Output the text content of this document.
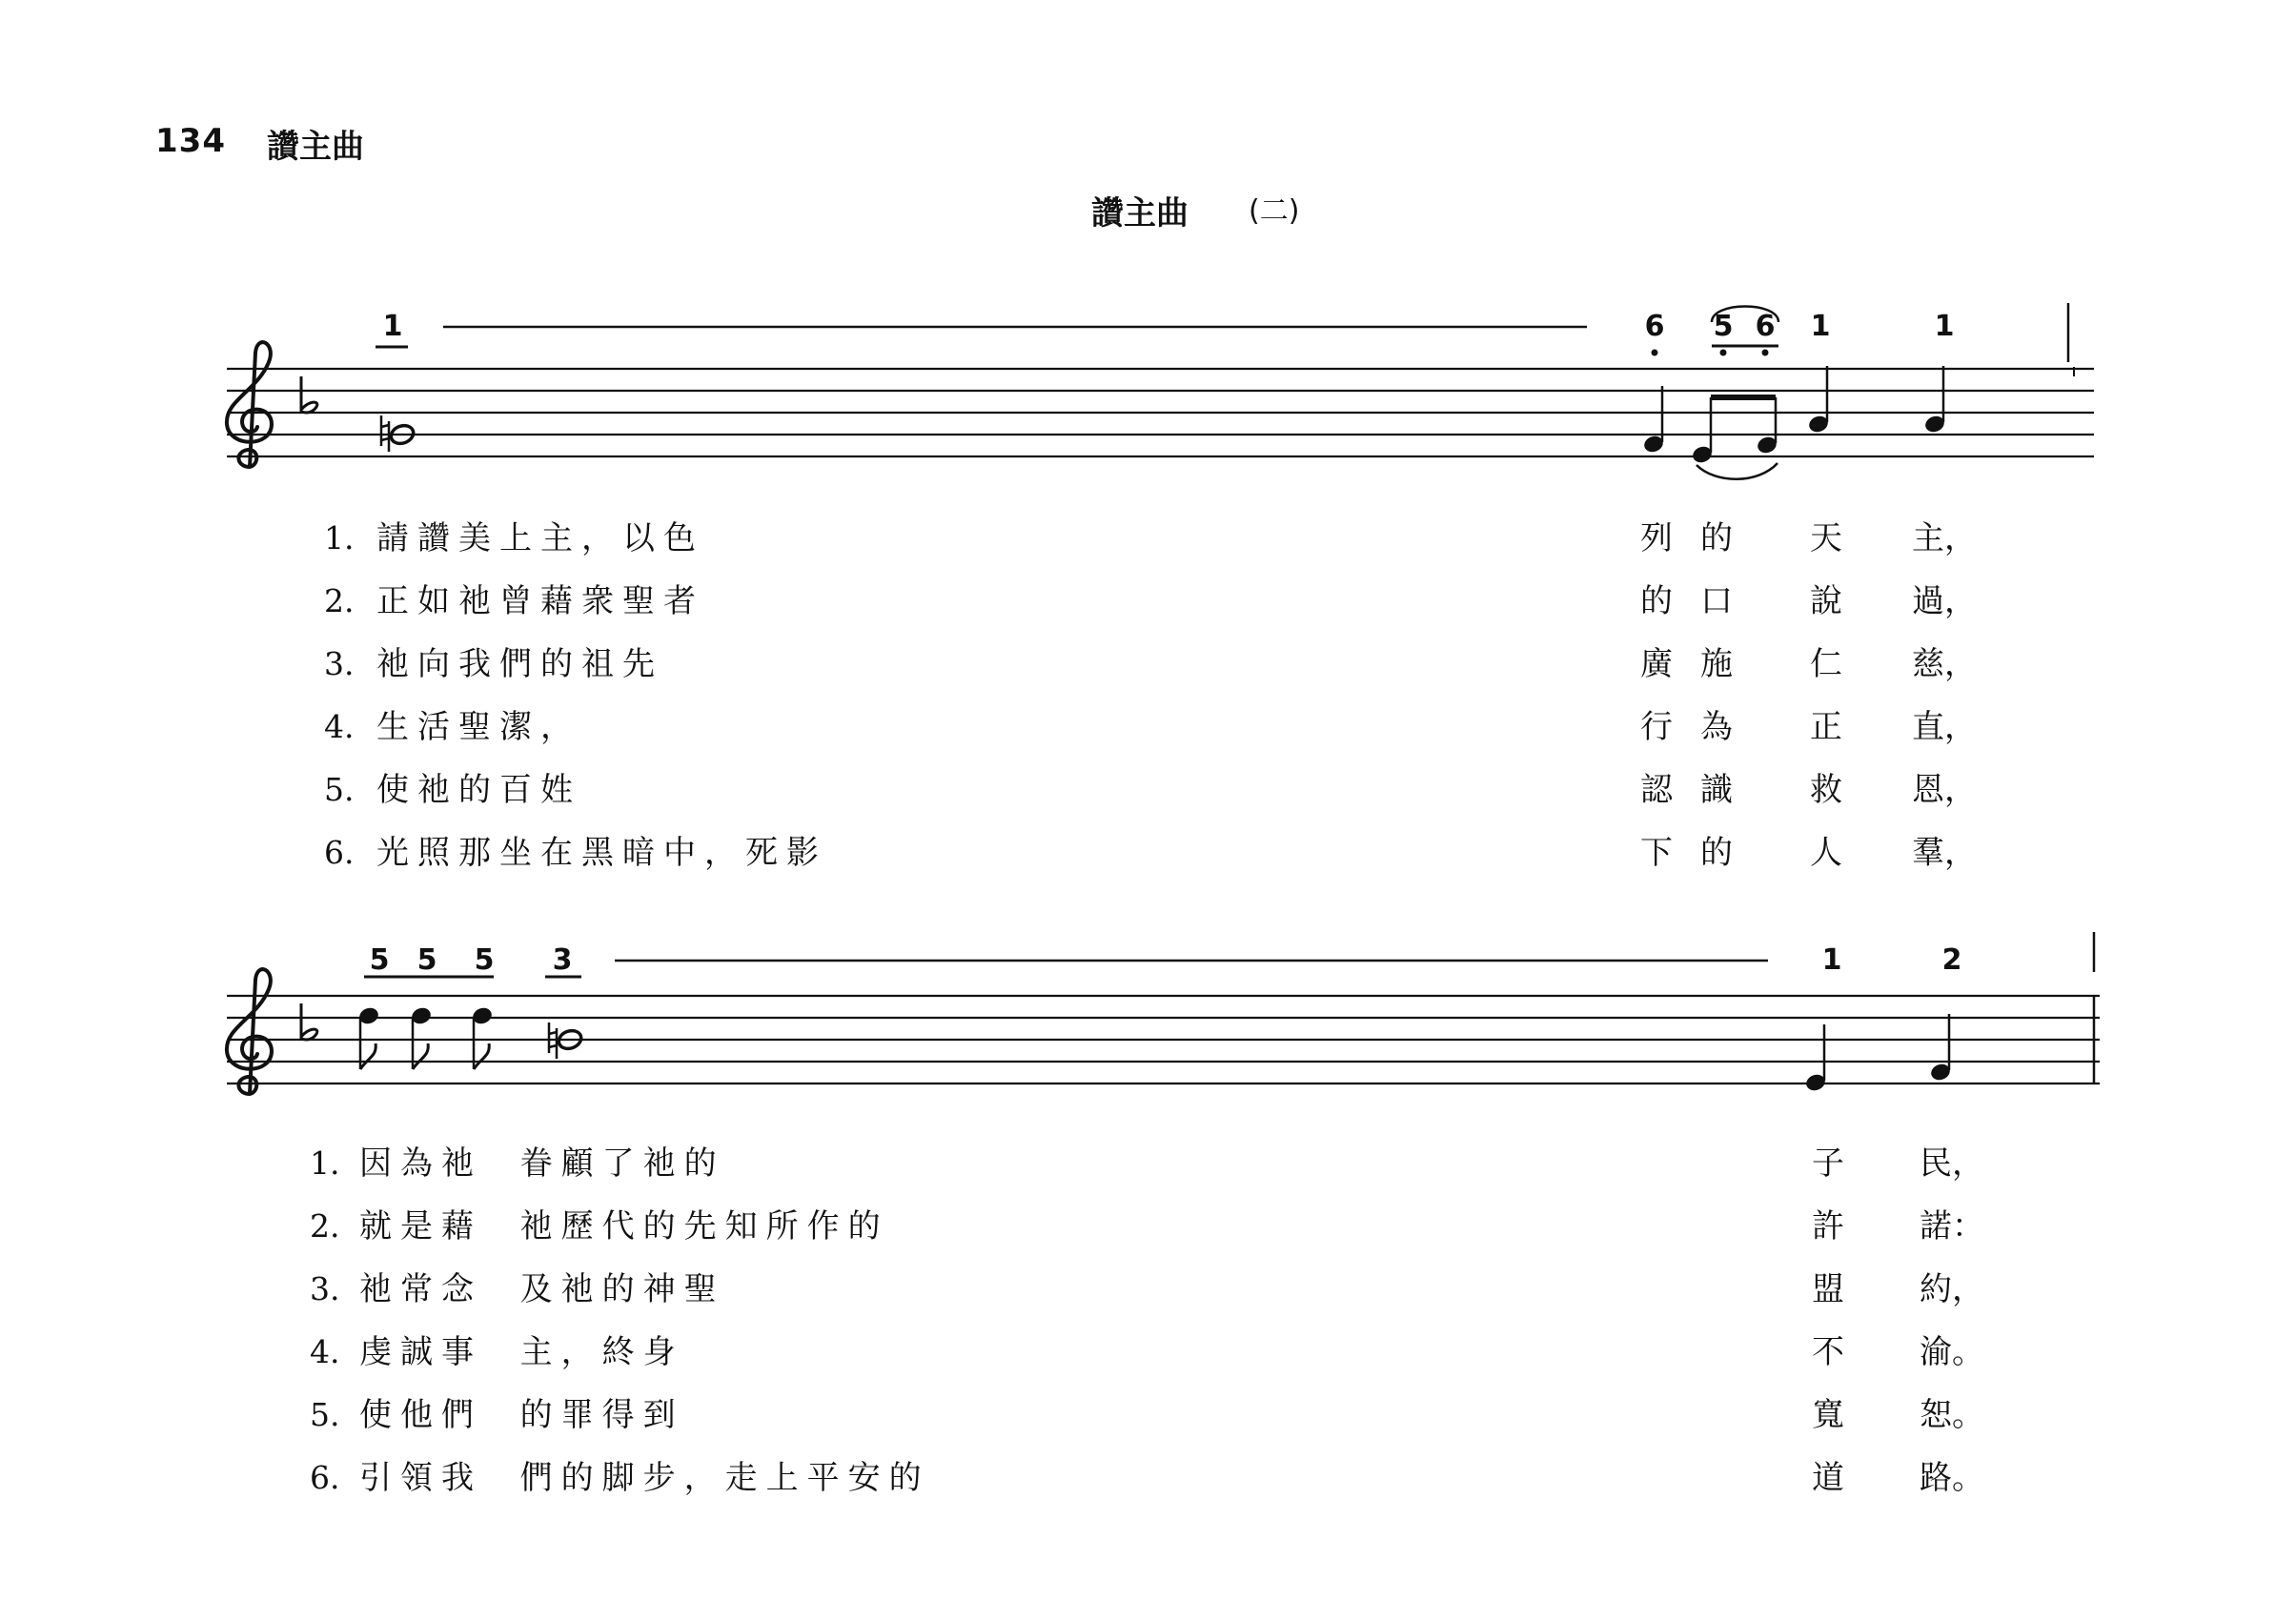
134 讚主曲
讚主曲 (二)
1	6 5 6 1	1
1. 請讚美上主，以色	列 的 天 主，
2. 正如祂曾藉衆聖者	的 口 說 過，
3. 祂向我們的祖先	廣 施 仁 慈，
4. 生活聖潔，	行 為 正 直，
5. 使祂的百姓	認 識 救 恩，
6. 光照那坐在黑暗中，死影	下 的 人 羣，
5 5 5 3	1	2
1. 因為祂  眷顧了祂的	子 民，
2. 就是藉  祂歷代的先知所作的	許 諾：
3. 祂常念  及祂的神聖	盟 約，
4. 虔誠事  主，終身	不 渝。
5. 使他們  的罪得到	寬 恕。
6. 引領我  們的脚步，走上平安的	道 路。
